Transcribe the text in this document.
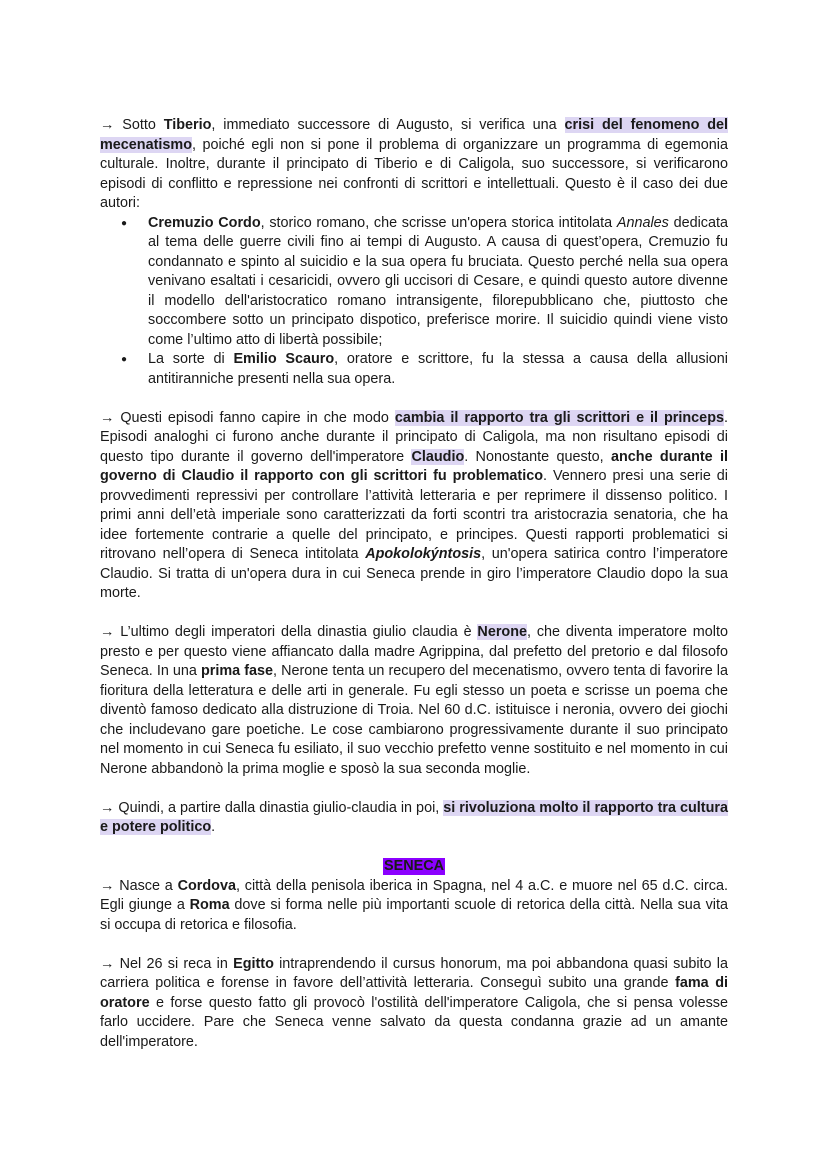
→ Sotto Tiberio, immediato successore di Augusto, si verifica una crisi del fenomeno del mecenatismo, poiché egli non si pone il problema di organizzare un programma di egemonia culturale. Inoltre, durante il principato di Tiberio e di Caligola, suo successore, si verificarono episodi di conflitto e repressione nei confronti di scrittori e intellettuali. Questo è il caso dei due autori:

● Cremuzio Cordo, storico romano, che scrisse un'opera storica intitolata Annales dedicata al tema delle guerre civili fino ai tempi di Augusto. A causa di quest’opera, Cremuzio fu condannato e spinto al suicidio e la sua opera fu bruciata. Questo perché nella sua opera venivano esaltati i cesaricidi, ovvero gli uccisori di Cesare, e quindi questo autore divenne il modello dell'aristocratico romano intransigente, filorepubblicano che, piuttosto che soccombere sotto un principato dispotico, preferisce morire. Il suicidio quindi viene visto come l’ultimo atto di libertà possibile;
● La sorte di Emilio Scauro, oratore e scrittore, fu la stessa a causa della allusioni antitiranniche presenti nella sua opera.

→ Questi episodi fanno capire in che modo cambia il rapporto tra gli scrittori e il princeps. Episodi analoghi ci furono anche durante il principato di Caligola, ma non risultano episodi di questo tipo durante il governo dell'imperatore Claudio. Nonostante questo, anche durante il governo di Claudio il rapporto con gli scrittori fu problematico. Vennero presi una serie di provvedimenti repressivi per controllare l’attività letteraria e per reprimere il dissenso politico. I primi anni dell’età imperiale sono caratterizzati da forti scontri tra aristocrazia senatoria, che ha idee fortemente contrarie a quelle del principato, e principes. Questi rapporti problematici si ritrovano nell’opera di Seneca intitolata Apokolokýntosis, un'opera satirica contro l’imperatore Claudio. Si tratta di un'opera dura in cui Seneca prende in giro l’imperatore Claudio dopo la sua morte.

→ L’ultimo degli imperatori della dinastia giulio claudia è Nerone, che diventa imperatore molto presto e per questo viene affiancato dalla madre Agrippina, dal prefetto del pretorio e dal filosofo Seneca. In una prima fase, Nerone tenta un recupero del mecenatismo, ovvero tenta di favorire la fioritura della letteratura e delle arti in generale. Fu egli stesso un poeta e scrisse un poema che diventò famoso dedicato alla distruzione di Troia. Nel 60 d.C. istituisce i neronia, ovvero dei giochi che includevano gare poetiche. Le cose cambiarono progressivamente durante il suo principato nel momento in cui Seneca fu esiliato, il suo vecchio prefetto venne sostituito e nel momento in cui Nerone abbandonò la prima moglie e sposò la sua seconda moglie.

→ Quindi, a partire dalla dinastia giulio-claudia in poi, si rivoluziona molto il rapporto tra cultura e potere politico.

SENECA

→ Nasce a Cordova, città della penisola iberica in Spagna, nel 4 a.C. e muore nel 65 d.C. circa. Egli giunge a Roma dove si forma nelle più importanti scuole di retorica della città. Nella sua vita si occupa di retorica e filosofia.

→ Nel 26 si reca in Egitto intraprendendo il cursus honorum, ma poi abbandona quasi subito la carriera politica e forense in favore dell’attività letteraria. Conseguì subito una grande fama di oratore e forse questo fatto gli provocò l'ostilità dell'imperatore Caligola, che si pensa volesse farlo uccidere. Pare che Seneca venne salvato da questa condanna grazie ad un amante dell'imperatore.
